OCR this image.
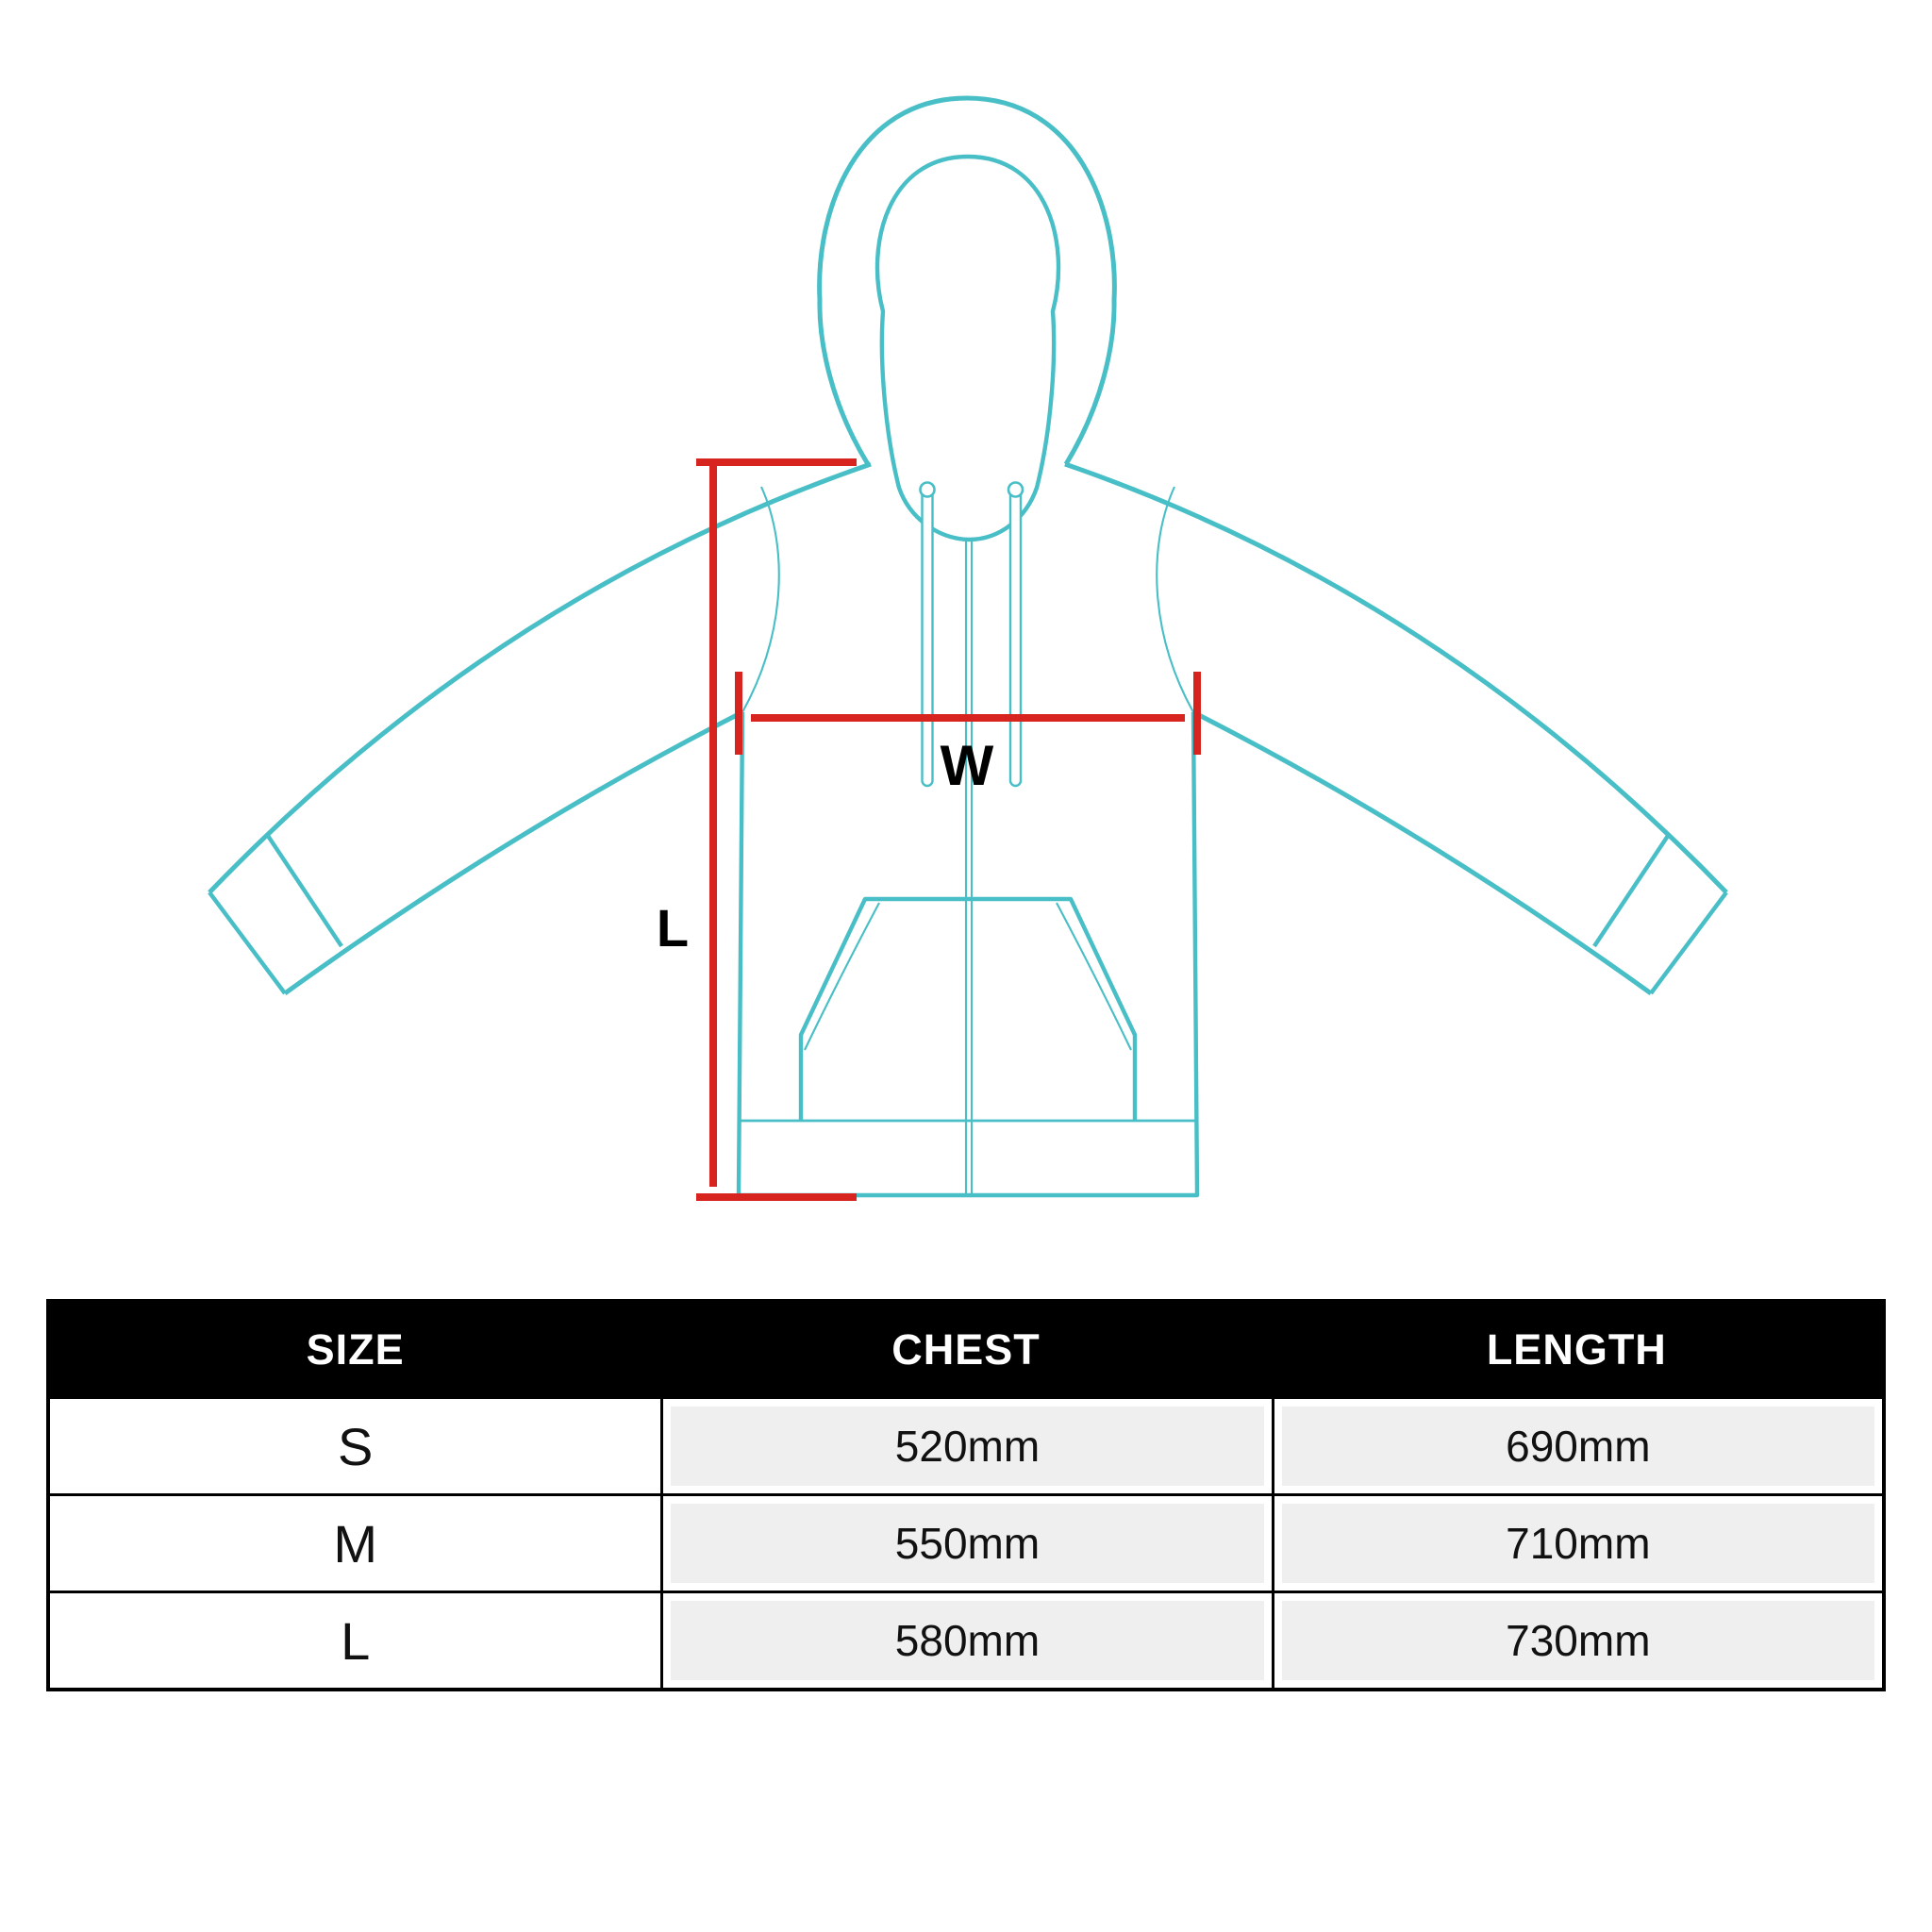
W
L
SIZE	CHEST	LENGTH
S	520mm	690mm
M	550mm	710mm
L	580mm	730mm
